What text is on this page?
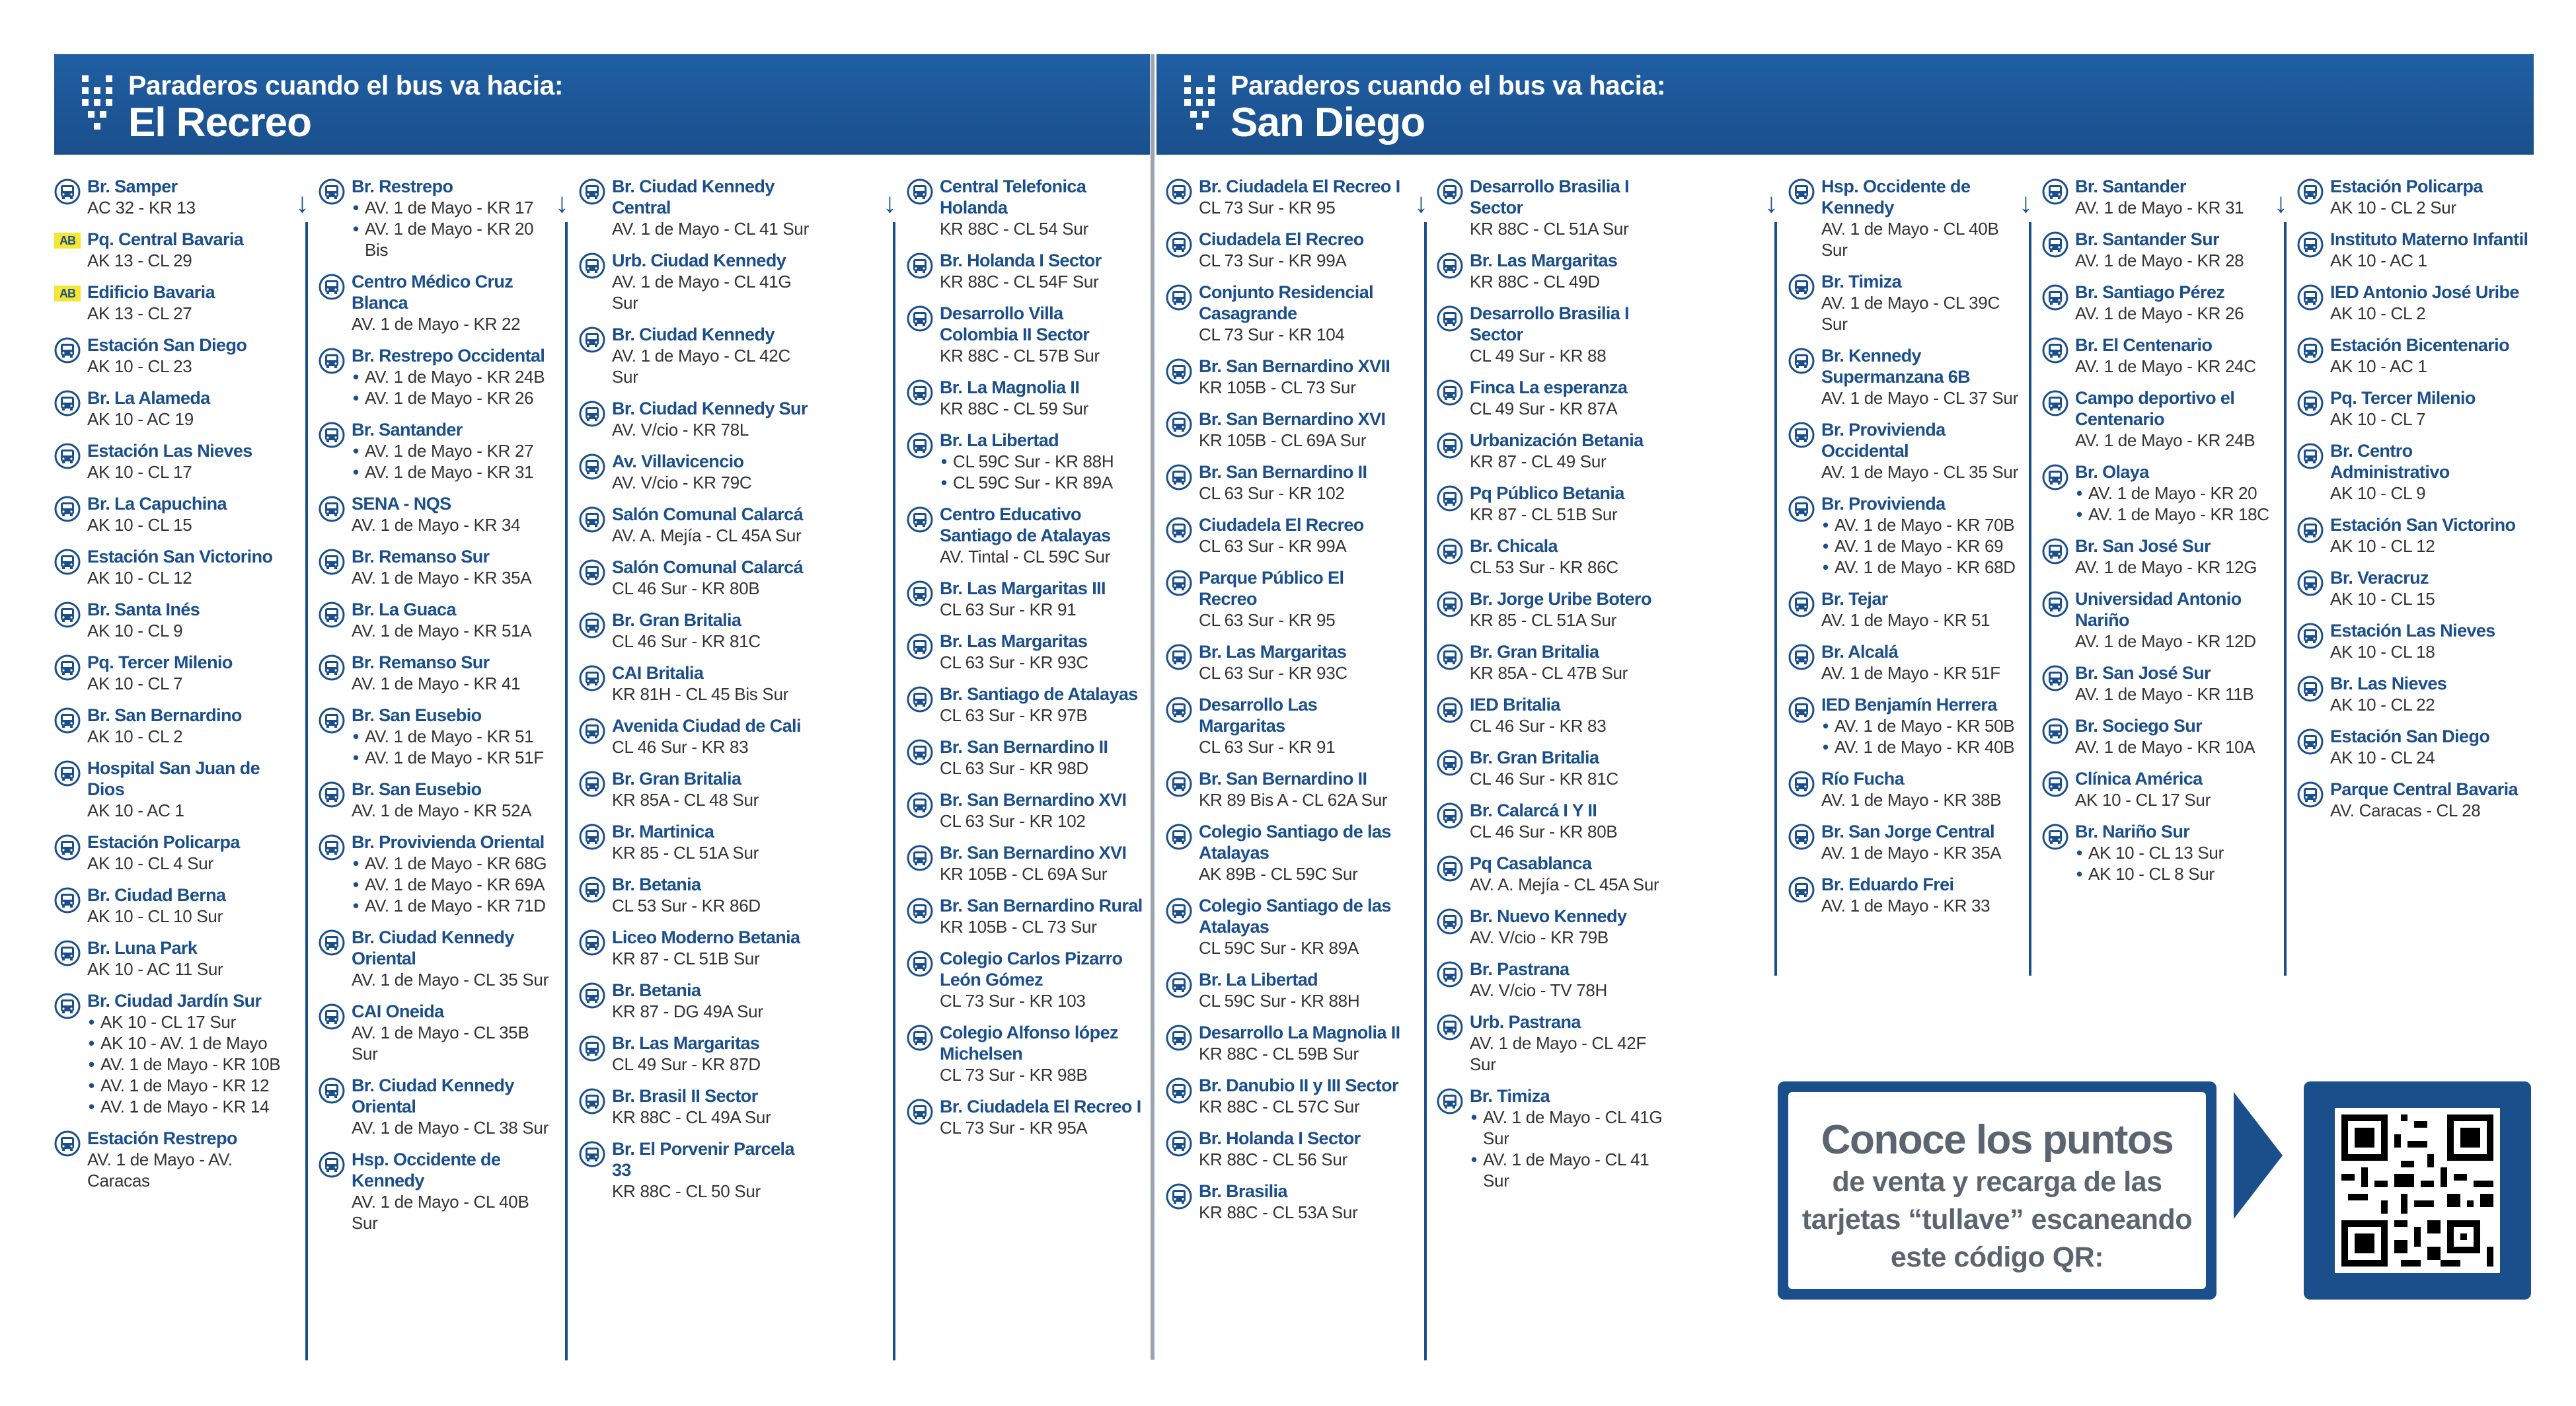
Paraderos cuando el bus va hacia:
El Recreo
Paraderos cuando el bus va hacia:
San Diego
Br. Samper
AC 32 - KR 13
AB Pq. Central Bavaria
AK 13 - CL 29
AB Edificio Bavaria
AK 13 - CL 27
Estación San Diego
AK 10 - CL 23
Br. La Alameda
AK 10 - AC 19
Estación Las Nieves
AK 10 - CL 17
Br. La Capuchina
AK 10 - CL 15
Estación San Victorino
AK 10 - CL 12
Br. Santa Inés
AK 10 - CL 9
Pq. Tercer Milenio
AK 10 - CL 7
Br. San Bernardino
AK 10 - CL 2
Hospital San Juan de Dios
AK 10 - AC 1
Estación Policarpa
AK 10 - CL 4 Sur
Br. Ciudad Berna
AK 10 - CL 10 Sur
Br. Luna Park
AK 10 - AC 11 Sur
Br. Ciudad Jardín Sur
• AK 10 - CL 17 Sur
• AK 10 - AV. 1 de Mayo
• AV. 1 de Mayo - KR 10B
• AV. 1 de Mayo - KR 12
• AV. 1 de Mayo - KR 14
Estación Restrepo
AV. 1 de Mayo - AV. Caracas
Br. Restrepo
• AV. 1 de Mayo - KR 17
• AV. 1 de Mayo - KR 20 Bis
Centro Médico Cruz Blanca
AV. 1 de Mayo - KR 22
Br. Restrepo Occidental
• AV. 1 de Mayo - KR 24B
• AV. 1 de Mayo - KR 26
Br. Santander
• AV. 1 de Mayo - KR 27
• AV. 1 de Mayo - KR 31
SENA - NQS
AV. 1 de Mayo - KR 34
Br. Remanso Sur
AV. 1 de Mayo - KR 35A
Br. La Guaca
AV. 1 de Mayo - KR 51A
Br. Remanso Sur
AV. 1 de Mayo - KR 41
Br. San Eusebio
• AV. 1 de Mayo - KR 51
• AV. 1 de Mayo - KR 51F
Br. San Eusebio
AV. 1 de Mayo - KR 52A
Br. Provivienda Oriental
• AV. 1 de Mayo - KR 68G
• AV. 1 de Mayo - KR 69A
• AV. 1 de Mayo - KR 71D
Br. Ciudad Kennedy Oriental
AV. 1 de Mayo - CL 35 Sur
CAI Oneida
AV. 1 de Mayo - CL 35B Sur
Br. Ciudad Kennedy Oriental
AV. 1 de Mayo - CL 38 Sur
Hsp. Occidente de Kennedy
AV. 1 de Mayo - CL 40B Sur
Br. Ciudad Kennedy Central
AV. 1 de Mayo - CL 41 Sur
Urb. Ciudad Kennedy
AV. 1 de Mayo - CL 41G Sur
Br. Ciudad Kennedy
AV. 1 de Mayo - CL 42C Sur
Br. Ciudad Kennedy Sur
AV. V/cio - KR 78L
Av. Villavicencio
AV. V/cio - KR 79C
Salón Comunal Calarcá
AV. A. Mejía - CL 45A Sur
Salón Comunal Calarcá
CL 46 Sur - KR 80B
Br. Gran Britalia
CL 46 Sur - KR 81C
CAI Britalia
KR 81H - CL 45 Bis Sur
Avenida Ciudad de Cali
CL 46 Sur - KR 83
Br. Gran Britalia
KR 85A - CL 48 Sur
Br. Martinica
KR 85 - CL 51A Sur
Br. Betania
CL 53 Sur - KR 86D
Liceo Moderno Betania
KR 87 - CL 51B Sur
Br. Betania
KR 87 - DG 49A Sur
Br. Las Margaritas
CL 49 Sur - KR 87D
Br. Brasil II Sector
KR 88C - CL 49A Sur
Br. El Porvenir Parcela 33
KR 88C - CL 50 Sur
Central Telefonica Holanda
KR 88C - CL 54 Sur
Br. Holanda I Sector
KR 88C - CL 54F Sur
Desarrollo Villa Colombia II Sector
KR 88C - CL 57B Sur
Br. La Magnolia II
KR 88C - CL 59 Sur
Br. La Libertad
• CL 59C Sur - KR 88H
• CL 59C Sur - KR 89A
Centro Educativo Santiago de Atalayas
AV. Tintal - CL 59C Sur
Br. Las Margaritas III
CL 63 Sur - KR 91
Br. Las Margaritas
CL 63 Sur - KR 93C
Br. Santiago de Atalayas
CL 63 Sur - KR 97B
Br. San Bernardino II
CL 63 Sur - KR 98D
Br. San Bernardino XVI
CL 63 Sur - KR 102
Br. San Bernardino XVI
KR 105B - CL 69A Sur
Br. San Bernardino Rural
KR 105B - CL 73 Sur
Colegio Carlos Pizarro León Gómez
CL 73 Sur - KR 103
Colegio Alfonso lópez Michelsen
CL 73 Sur - KR 98B
Br. Ciudadela El Recreo I
CL 73 Sur - KR 95A
Br. Ciudadela El Recreo I
CL 73 Sur - KR 95
Ciudadela El Recreo
CL 73 Sur - KR 99A
Conjunto Residencial Casagrande
CL 73 Sur - KR 104
Br. San Bernardino XVII
KR 105B - CL 73 Sur
Br. San Bernardino XVI
KR 105B - CL 69A Sur
Br. San Bernardino II
CL 63 Sur - KR 102
Ciudadela El Recreo
CL 63 Sur - KR 99A
Parque Público El Recreo
CL 63 Sur - KR 95
Br. Las Margaritas
CL 63 Sur - KR 93C
Desarrollo Las Margaritas
CL 63 Sur - KR 91
Br. San Bernardino II
KR 89 Bis A - CL 62A Sur
Colegio Santiago de las Atalayas
AK 89B - CL 59C Sur
Colegio Santiago de las Atalayas
CL 59C Sur - KR 89A
Br. La Libertad
CL 59C Sur - KR 88H
Desarrollo La Magnolia II
KR 88C - CL 59B Sur
Br. Danubio II y III Sector
KR 88C - CL 57C Sur
Br. Holanda I Sector
KR 88C - CL 56 Sur
Br. Brasilia
KR 88C - CL 53A Sur
Desarrollo Brasilia I Sector
KR 88C - CL 51A Sur
Br. Las Margaritas
KR 88C - CL 49D
Desarrollo Brasilia I Sector
CL 49 Sur - KR 88
Finca La esperanza
CL 49 Sur - KR 87A
Urbanización Betania
KR 87 - CL 49 Sur
Pq Público Betania
KR 87 - CL 51B Sur
Br. Chicala
CL 53 Sur - KR 86C
Br. Jorge Uribe Botero
KR 85 - CL 51A Sur
Br. Gran Britalia
KR 85A - CL 47B Sur
IED Britalia
CL 46 Sur - KR 83
Br. Gran Britalia
CL 46 Sur - KR 81C
Br. Calarcá I Y II
CL 46 Sur - KR 80B
Pq Casablanca
AV. A. Mejía - CL 45A Sur
Br. Nuevo Kennedy
AV. V/cio - KR 79B
Br. Pastrana
AV. V/cio - TV 78H
Urb. Pastrana
AV. 1 de Mayo - CL 42F Sur
Br. Timiza
• AV. 1 de Mayo - CL 41G Sur
• AV. 1 de Mayo - CL 41 Sur
Hsp. Occidente de Kennedy
AV. 1 de Mayo - CL 40B Sur
Br. Timiza
AV. 1 de Mayo - CL 39C Sur
Br. Kennedy Supermanzana 6B
AV. 1 de Mayo - CL 37 Sur
Br. Provivienda Occidental
AV. 1 de Mayo - CL 35 Sur
Br. Provivienda
• AV. 1 de Mayo - KR 70B
• AV. 1 de Mayo - KR 69
• AV. 1 de Mayo - KR 68D
Br. Tejar
AV. 1 de Mayo - KR 51
Br. Alcalá
AV. 1 de Mayo - KR 51F
IED Benjamín Herrera
• AV. 1 de Mayo - KR 50B
• AV. 1 de Mayo - KR 40B
Río Fucha
AV. 1 de Mayo - KR 38B
Br. San Jorge Central
AV. 1 de Mayo - KR 35A
Br. Eduardo Frei
AV. 1 de Mayo - KR 33
Br. Santander
AV. 1 de Mayo - KR 31
Br. Santander Sur
AV. 1 de Mayo - KR 28
Br. Santiago Pérez
AV. 1 de Mayo - KR 26
Br. El Centenario
AV. 1 de Mayo - KR 24C
Campo deportivo el Centenario
AV. 1 de Mayo - KR 24B
Br. Olaya
• AV. 1 de Mayo - KR 20
• AV. 1 de Mayo - KR 18C
Br. San José Sur
AV. 1 de Mayo - KR 12G
Universidad Antonio Nariño
AV. 1 de Mayo - KR 12D
Br. San José Sur
AV. 1 de Mayo - KR 11B
Br. Sociego Sur
AV. 1 de Mayo - KR 10A
Clínica América
AK 10 - CL 17 Sur
Br. Nariño Sur
• AK 10 - CL 13 Sur
• AK 10 - CL 8 Sur
Estación Policarpa
AK 10 - CL 2 Sur
Instituto Materno Infantil
AK 10 - AC 1
IED Antonio José Uribe
AK 10 - CL 2
Estación Bicentenario
AK 10 - AC 1
Pq. Tercer Milenio
AK 10 - CL 7
Br. Centro Administrativo
AK 10 - CL 9
Estación San Victorino
AK 10 - CL 12
Br. Veracruz
AK 10 - CL 15
Estación Las Nieves
AK 10 - CL 18
Br. Las Nieves
AK 10 - CL 22
Estación San Diego
AK 10 - CL 24
Parque Central Bavaria
AV. Caracas - CL 28
↓	↓	↓	↓	↓	↓	↓
Conoce los puntos
de venta y recarga de las
tarjetas “tullave” escaneando
este código QR:
